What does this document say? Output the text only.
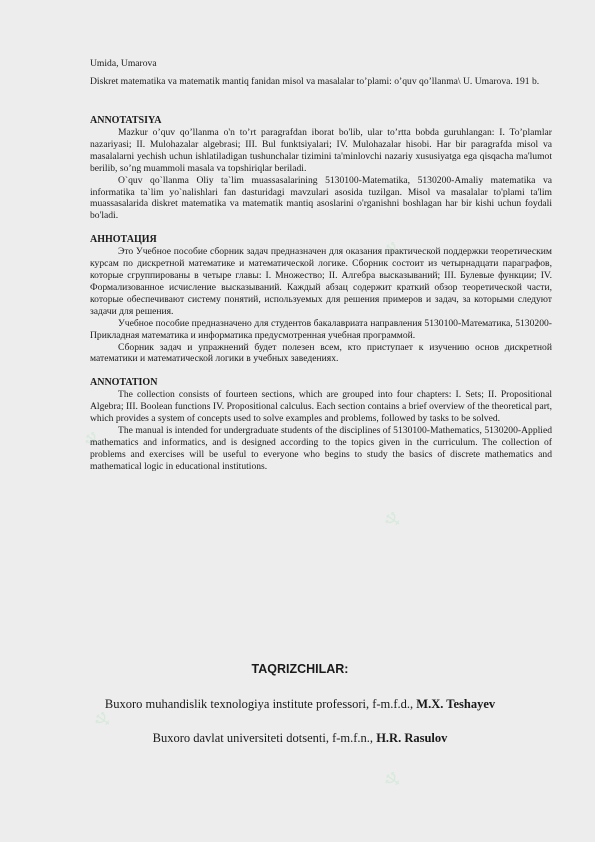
♆
♆
♆
♆
♆

Umida, Umarova

Diskret matematika va matematik mantiq fanidan misol va masalalar to’plami: o’quv qo’llanma\ U. Umarova. 191 b.

ANNOTATSIYA

Mazkur o’quv qo’llanma o'n to’rt paragrafdan iborat bo'lib, ular to’rtta bobda guruhlangan: I. To’plamlar nazariyasi; II. Mulohazalar algebrasi; III. Bul funktsiyalari; IV. Mulohazalar hisobi. Har bir paragrafda misol va masalalarni yechish uchun ishlatiladigan tushunchalar tizimini ta'minlovchi nazariy xususiyatga ega qisqacha ma'lumot berilib, so’ng muammoli masala va topshiriqlar beriladi.

O`quv qo`llanma Oliy ta`lim muassasalarining 5130100-Matematika, 5130200-Amaliy matematika va informatika ta`lim yo`nalishlari fan dasturidagi mavzulari asosida tuzilgan. Misol va masalalar to'plami ta'lim muassasalarida diskret matematika va matematik mantiq asoslarini o'rganishni boshlagan har bir kishi uchun foydali bo'ladi.

АННОТАЦИЯ

Это Учебное пособие сборник задач предназначен для оказания практической поддержки теоретическим курсам по дискретной математике и математической логике. Сборник состоит из четырнадцати параграфов, которые сгруппированы в четыре главы: I. Множество; II. Алгебра высказываний; III. Булевые функции; IV. Формализованное исчисление высказываний. Каждый абзац содержит краткий обзор теоретической части, которые обеспечивают систему понятий, используемых для решения примеров и задач, за которыми следуют задачи для решения.

Учебное пособие предназначено для студентов бакалавриата направления 5130100-Математика, 5130200-Прикладная математика и информатика предусмотренная учебная программой.

Сборник задач и упражнений будет полезен всем, кто приступает к изучению основ дискретной математики и математической логики в учебных заведениях.

ANNOTATION

The collection consists of fourteen sections, which are grouped into four chapters: I. Sets; II. Propositional Algebra; III. Boolean functions IV. Propositional calculus. Each section contains a brief overview of the theoretical part, which provides a system of concepts used to solve examples and problems, followed by tasks to be solved.

The manual is intended for undergraduate students of the disciplines of 5130100-Mathematics, 5130200-Applied mathematics and informatics, and is designed according to the topics given in the curriculum. The collection of problems and exercises will be useful to everyone who begins to study the basics of discrete mathematics and mathematical logic in educational institutions.

TAQRIZCHILAR:
Buxoro muhandislik texnologiya institute professori, f-m.f.d., M.X. Teshayev
Buxoro davlat universiteti dotsenti, f-m.f.n., H.R. Rasulov
